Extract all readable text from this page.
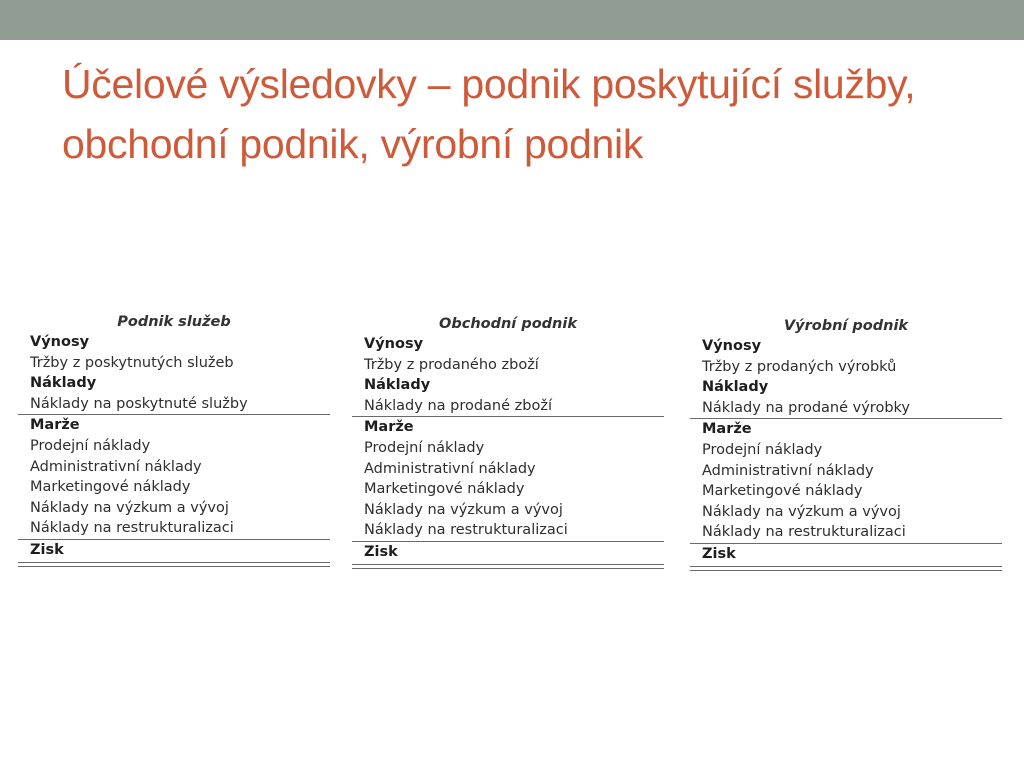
Účelové výsledovky – podnik poskytující služby, obchodní podnik, výrobní podnik
Podnik služeb
Výnosy
Tržby z poskytnutých služeb
Náklady
Náklady na poskytnuté služby
Marže
Prodejní náklady
Administrativní náklady
Marketingové náklady
Náklady na výzkum a vývoj
Náklady na restrukturalizaci
Zisk
Obchodní podnik
Výnosy
Tržby z prodaného zboží
Náklady
Náklady na prodané zboží
Marže
Prodejní náklady
Administrativní náklady
Marketingové náklady
Náklady na výzkum a vývoj
Náklady na restrukturalizaci
Zisk
Výrobní podnik
Výnosy
Tržby z prodaných výrobků
Náklady
Náklady na prodané výrobky
Marže
Prodejní náklady
Administrativní náklady
Marketingové náklady
Náklady na výzkum a vývoj
Náklady na restrukturalizaci
Zisk
